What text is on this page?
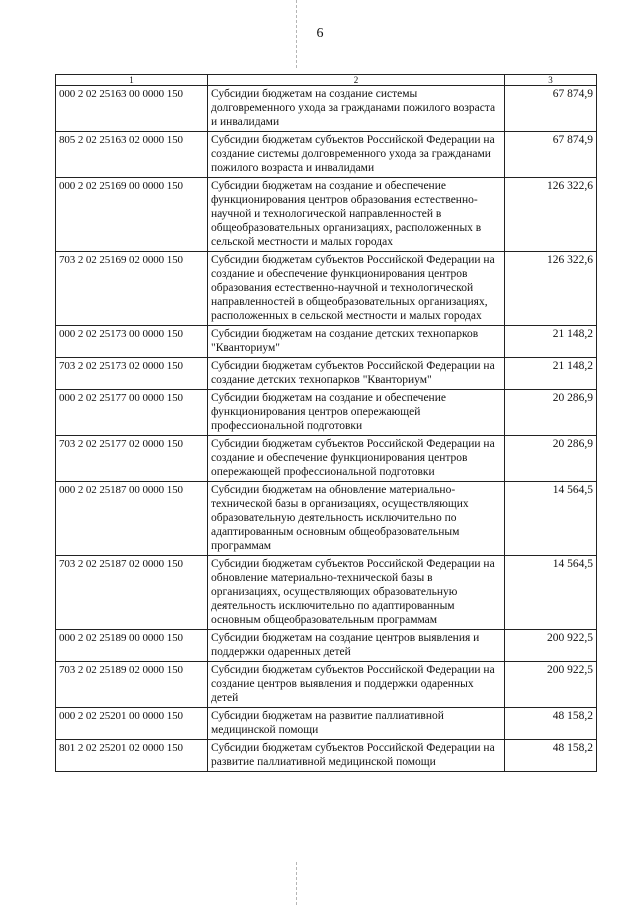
6
1	2	3
000 2 02 25163 00 0000 150	Субсидии бюджетам на создание системы долговременного ухода за гражданами пожилого возраста и инвалидами	67 874,9
805 2 02 25163 02 0000 150	Субсидии бюджетам субъектов Российской Федерации на создание системы долговременного ухода за гражданами пожилого возраста и инвалидами	67 874,9
000 2 02 25169 00 0000 150	Субсидии бюджетам на создание и обеспечение функционирования центров образования естественно-научной и технологической направленностей в общеобразовательных организациях, расположенных в сельской местности и малых городах	126 322,6
703 2 02 25169 02 0000 150	Субсидии бюджетам субъектов Российской Федерации на создание и обеспечение функционирования центров образования естественно-научной и технологической направленностей в общеобразовательных организациях, расположенных в сельской местности и малых городах	126 322,6
000 2 02 25173 00 0000 150	Субсидии бюджетам на создание детских технопарков "Кванториум"	21 148,2
703 2 02 25173 02 0000 150	Субсидии бюджетам субъектов Российской Федерации на создание детских технопарков "Кванториум"	21 148,2
000 2 02 25177 00 0000 150	Субсидии бюджетам на создание и обеспечение функционирования центров опережающей профессиональной подготовки	20 286,9
703 2 02 25177 02 0000 150	Субсидии бюджетам субъектов Российской Федерации на создание и обеспечение функционирования центров опережающей профессиональной подготовки	20 286,9
000 2 02 25187 00 0000 150	Субсидии бюджетам на обновление материально-технической базы в организациях, осуществляющих образовательную деятельность исключительно по адаптированным основным общеобразовательным программам	14 564,5
703 2 02 25187 02 0000 150	Субсидии бюджетам субъектов Российской Федерации на обновление материально-технической базы в организациях, осуществляющих образовательную деятельность исключительно по адаптированным основным общеобразовательным программам	14 564,5
000 2 02 25189 00 0000 150	Субсидии бюджетам на создание центров выявления и поддержки одаренных детей	200 922,5
703 2 02 25189 02 0000 150	Субсидии бюджетам субъектов Российской Федерации на создание центров выявления и поддержки одаренных детей	200 922,5
000 2 02 25201 00 0000 150	Субсидии бюджетам на развитие паллиативной медицинской помощи	48 158,2
801 2 02 25201 02 0000 150	Субсидии бюджетам субъектов Российской Федерации на развитие паллиативной медицинской помощи	48 158,2
